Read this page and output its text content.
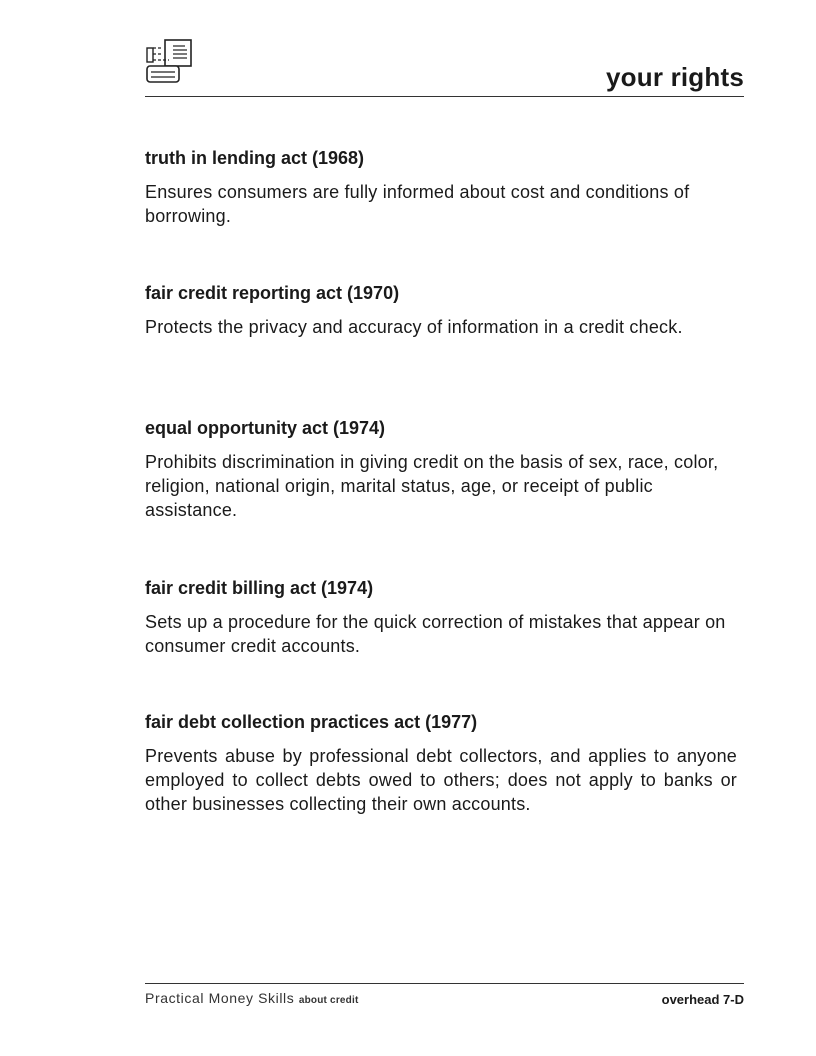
your rights

truth in lending act (1968)

Ensures consumers are fully informed about cost and conditions of borrowing.

fair credit reporting act (1970)

Protects the privacy and accuracy of information in a credit check.

equal opportunity act (1974)

Prohibits discrimination in giving credit on the basis of sex, race, color, religion, national origin, marital status, age, or receipt of public assistance.

fair credit billing act (1974)

Sets up a procedure for the quick correction of mistakes that appear on consumer credit accounts.

fair debt collection practices act (1977)

Prevents abuse by professional debt collectors, and applies to anyone employed to collect debts owed to others; does not apply to banks or other businesses collecting their own accounts.

Practical Money Skills about credit	overhead 7-D
